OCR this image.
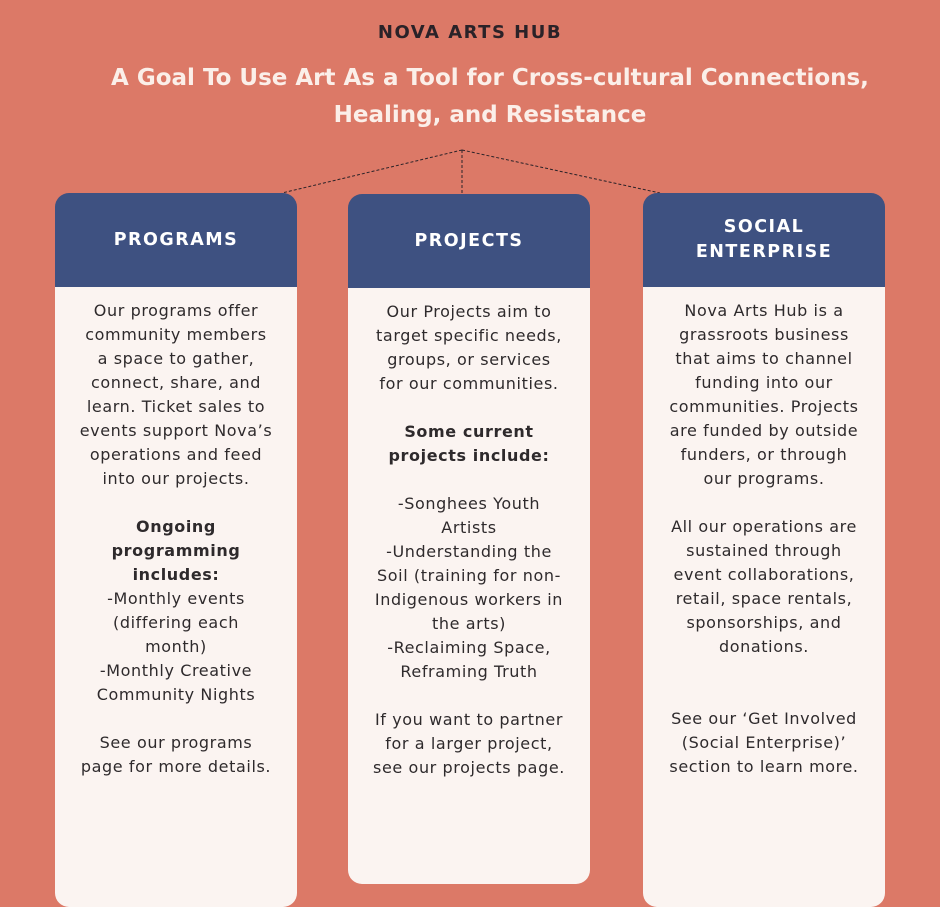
NOVA ARTS HUB
A Goal To Use Art As a Tool for Cross-cultural Connections,
Healing, and Resistance
PROGRAMS

Our programs offer
community members
a space to gather,
connect, share, and
learn. Ticket sales to
events support Nova’s
operations and feed
into our projects.

Ongoing
programming
includes:

-Monthly events
(differing each
month)
-Monthly Creative
Community Nights

See our programs
page for more details.

PROJECTS

Our Projects aim to
target specific needs,
groups, or services
for our communities.

Some current
projects include:

-Songhees Youth
Artists
-Understanding the
Soil (training for non-
Indigenous workers in
the arts)
-Reclaiming Space,
Reframing Truth

If you want to partner
for a larger project,
see our projects page.

SOCIAL
ENTERPRISE

Nova Arts Hub is a
grassroots business
that aims to channel
funding into our
communities. Projects
are funded by outside
funders, or through
our programs.

All our operations are
sustained through
event collaborations,
retail, space rentals,
sponsorships, and
donations.

See our ‘Get Involved
(Social Enterprise)’
section to learn more.
